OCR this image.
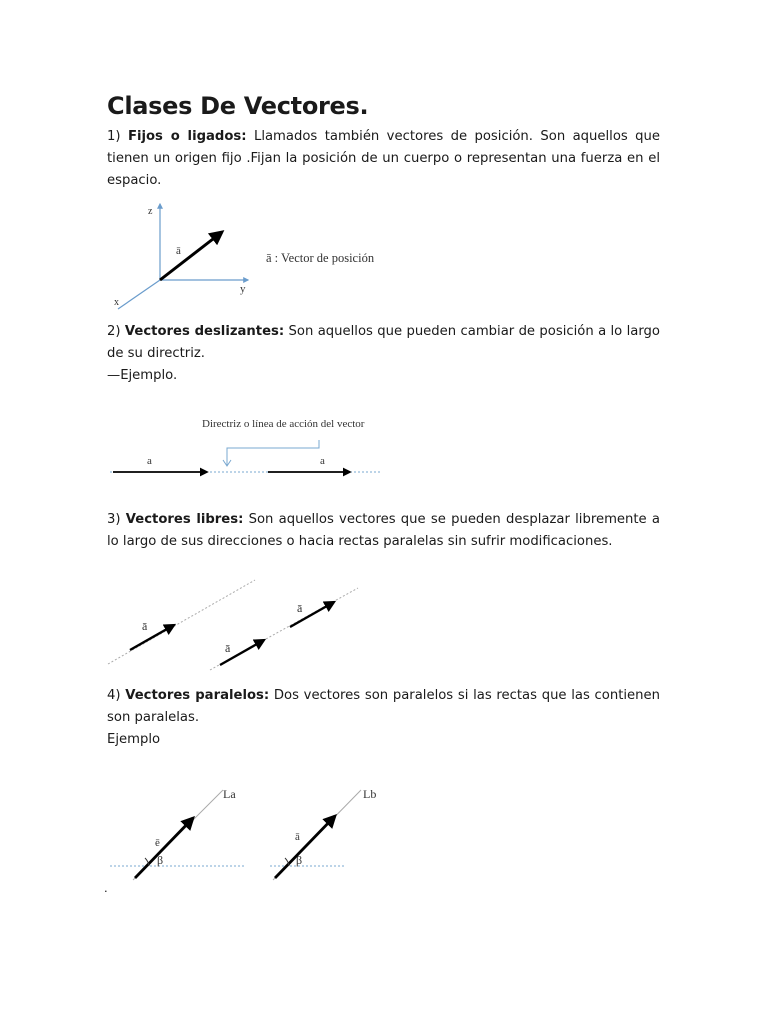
Clases De Vectores.

1) Fijos o ligados: Llamados también vectores de posición. Son aquellos que tienen un origen fijo .Fijan la posición de un cuerpo o representan una fuerza en el espacio.

z
y
x
ā	ā : Vector de posición

2) Vectores deslizantes: Son aquellos que pueden cambiar de posición a lo largo de su directriz.

—Ejemplo.

Directriz o línea de acción del vector
a	a

3) Vectores libres: Son aquellos vectores que se pueden desplazar libremente a lo largo de sus direcciones o hacia rectas paralelas sin sufrir modificaciones.

ā
ā
ā

4) Vectores paralelos: Dos vectores son paralelos si las rectas que las contienen son paralelas.

Ejemplo

La	Lb
ē	ā
β	β
.
